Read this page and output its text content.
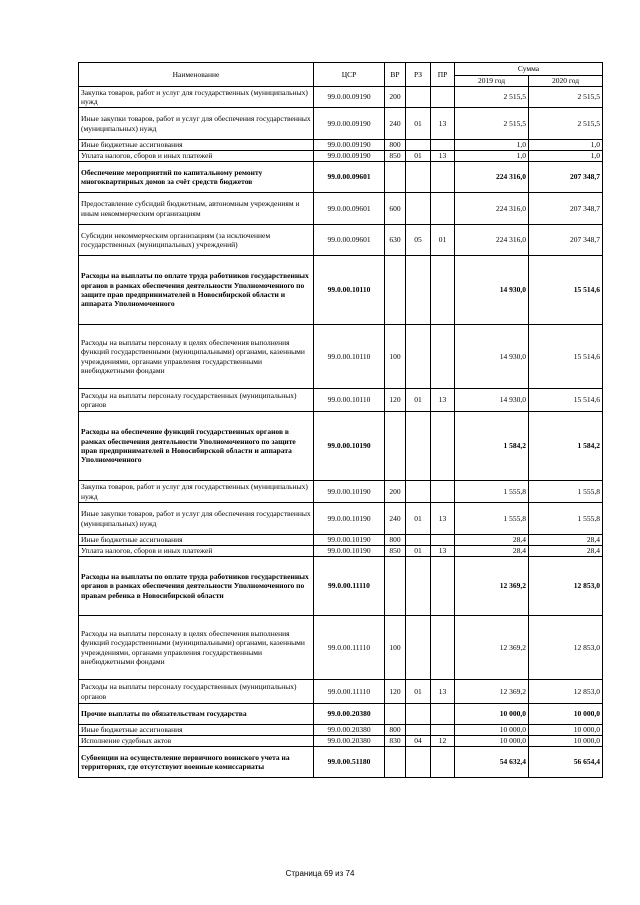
Наименование	ЦСР	ВР	РЗ	ПР	Сумма	
					2019 год	2020 год
Закупка товаров, работ и услуг для государственных (муниципальных) нужд	99.0.00.09190	200			2 515,5	2 515,5
Иные закупки товаров, работ и услуг для обеспечения государственных (муниципальных) нужд	99.0.00.09190	240	01	13	2 515,5	2 515,5
Иные бюджетные ассигнования	99.0.00.09190	800			1,0	1,0
Уплата налогов, сборов и иных платежей	99.0.00.09190	850	01	13	1,0	1,0
Обеспечение мероприятий по капитальному ремонту многоквартирных домов за счёт средств бюджетов	99.0.00.09601				224 316,0	207 348,7
Предоставление субсидий бюджетным, автономным учреждениям и иным некоммерческим организациям	99.0.00.09601	600			224 316,0	207 348,7
Субсидии некоммерческим организациям (за исключением государственных (муниципальных) учреждений)	99.0.00.09601	630	05	01	224 316,0	207 348,7
Расходы на выплаты по оплате труда работников государственных органов в рамках обеспечения деятельности Уполномоченного по защите прав предпринимателей в Новосибирской области и аппарата Уполномоченного	99.0.00.10110				14 930,0	15 514,6
Расходы на выплаты персоналу в целях обеспечения выполнения функций государственными (муниципальными) органами, казенными учреждениями, органами управления государственными внебюджетными фондами	99.0.00.10110	100			14 930,0	15 514,6
Расходы на выплаты персоналу государственных (муниципальных) органов	99.0.00.10110	120	01	13	14 930,0	15 514,6
Расходы на обеспечение функций государственных органов в рамках обеспечения деятельности Уполномоченного по защите прав предпринимателей в Новосибирской области и аппарата Уполномоченного	99.0.00.10190				1 584,2	1 584,2
Закупка товаров, работ и услуг для государственных (муниципальных) нужд	99.0.00.10190	200			1 555,8	1 555,8
Иные закупки товаров, работ и услуг для обеспечения государственных (муниципальных) нужд	99.0.00.10190	240	01	13	1 555,8	1 555,8
Иные бюджетные ассигнования	99.0.00.10190	800			28,4	28,4
Уплата налогов, сборов и иных платежей	99.0.00.10190	850	01	13	28,4	28,4
Расходы на выплаты по оплате труда работников государственных органов в рамках обеспечения деятельности Уполномоченного по правам ребенка в Новосибирской области	99.0.00.11110				12 369,2	12 853,0
Расходы на выплаты персоналу в целях обеспечения выполнения функций государственными (муниципальными) органами, казенными учреждениями, органами управления государственными внебюджетными фондами	99.0.00.11110	100			12 369,2	12 853,0
Расходы на выплаты персоналу государственных (муниципальных) органов	99.0.00.11110	120	01	13	12 369,2	12 853,0
Прочие выплаты по обязательствам государства	99.0.00.20380				10 000,0	10 000,0
Иные бюджетные ассигнования	99.0.00.20380	800			10 000,0	10 000,0
Исполнение судебных актов	99.0.00.20380	830	04	12	10 000,0	10 000,0
Субвенции на осуществление первичного воинского учета на территориях, где отсутствуют военные комиссариаты	99.0.00.51180				54 632,4	56 654,4
Страница 69 из 74
